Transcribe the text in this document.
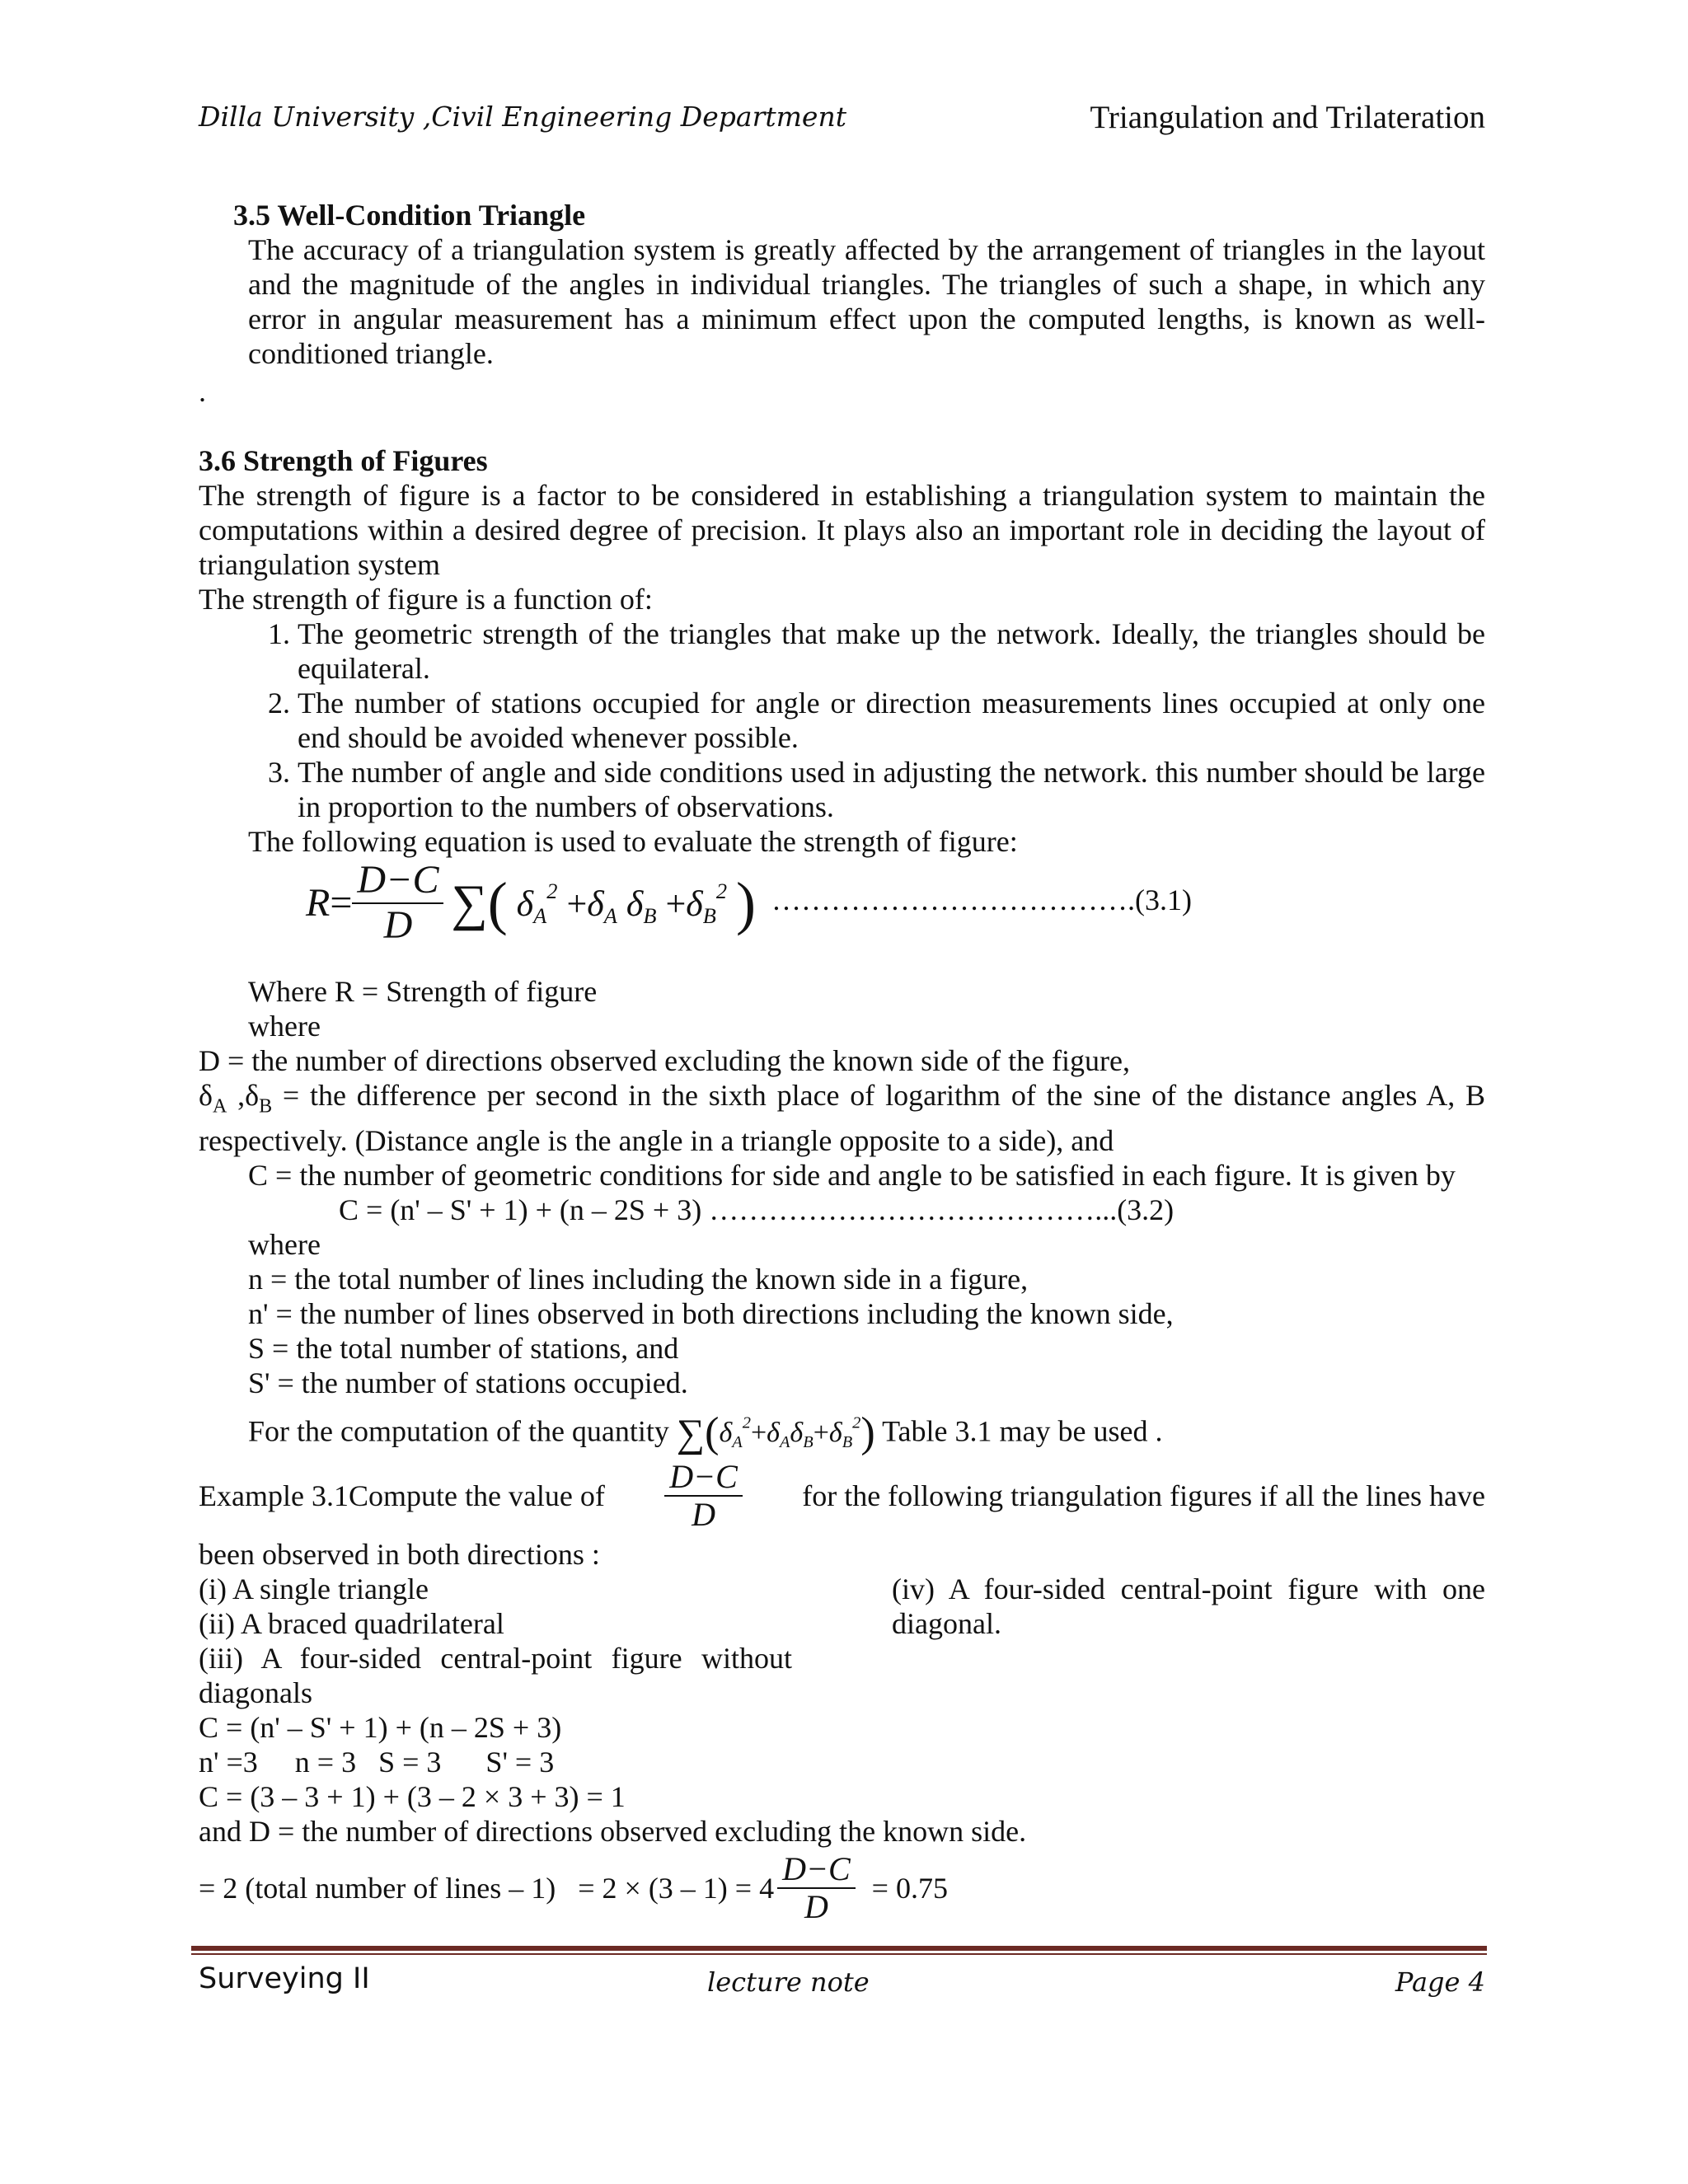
Dilla University ,Civil Engineering Department	Triangulation and Trilateration

3.5 Well-Condition Triangle

The accuracy of a triangulation system is greatly affected by the arrangement of triangles in the layout and the magnitude of the angles in individual triangles. The triangles of such a shape, in which any error in angular measurement has a minimum effect upon the computed lengths, is known as well-conditioned triangle.

.

3.6 Strength of Figures

The strength of figure is a factor to be considered in establishing a triangulation system to maintain the computations within a desired degree of precision. It plays also an important role in deciding the layout of triangulation system

The strength of figure is a function of:

1. The geometric strength of the triangles that make up the network. Ideally, the triangles should be equilateral.
2. The number of stations occupied for angle or direction measurements lines occupied at only one end should be avoided whenever possible.
3. The number of angle and side conditions used in adjusting the network. this number should be large in proportion to the numbers of observations.

The following equation is used to evaluate the strength of figure:

$R= \frac{D-C}{D}$ ∑( $\delta_A^2 +\delta_A$ $\delta_B +\delta_B^2$ ) ……………………………….(3.1)

Where R = Strength of figure

where

D = the number of directions observed excluding the known side of the figure,

$\delta_A$ $,\delta_B$ = the difference per second in the sixth place of logarithm of the sine of the distance angles A, B respectively. (Distance angle is the angle in a triangle opposite to a side), and

C = the number of geometric conditions for side and angle to be satisfied in each figure. It is given by

C = (n' – S' + 1) + (n – 2S + 3) …………………………………...(3.2)

where

n = the total number of lines including the known side in a figure,

n' = the number of lines observed in both directions including the known side,

S = the total number of stations, and

S' = the number of stations occupied.

For the computation of the quantity $\sum(\delta_A^2+\delta_A\delta_B+\delta_B^2)$ Table 3.1 may be used .

Example 3.1Compute the value of $\frac{D-C}{D}$ for the following triangulation figures if all the lines have

been observed in both directions :

(i) A single triangle

(ii) A braced quadrilateral

(iii) A four-sided central-point figure without diagonals

(iv) A four-sided central-point figure with one diagonal.

C = (n' – S' + 1) + (n – 2S + 3)

n' =3     n = 3   S = 3      S' = 3

C = (3 – 3 + 1) + (3 – 2 × 3 + 3) = 1

and D = the number of directions observed excluding the known side.

= 2 (total number of lines – $1) = 2 \times (3 - 1) = 4 \frac{D-C}{D} = 0.75$
Surveying II	lecture note	Page 4
